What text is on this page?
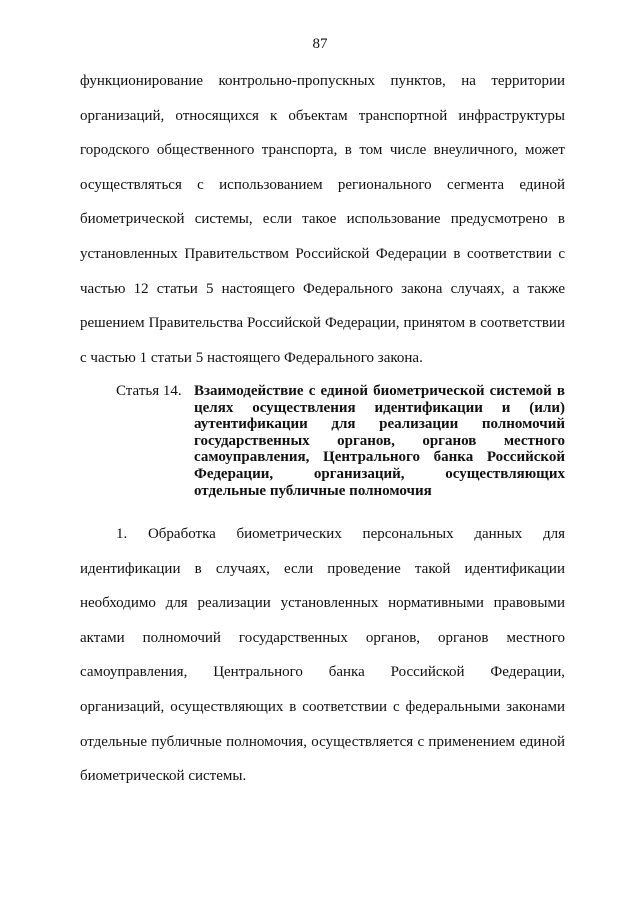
87
функционирование контрольно-пропускных пунктов, на территории
организаций, относящихся к объектам транспортной инфраструктуры
городского общественного транспорта, в том числе внеуличного, может
осуществляться с использованием регионального сегмента единой
биометрической системы, если такое использование предусмотрено в
установленных Правительством Российской Федерации в соответствии с
частью 12 статьи 5 настоящего Федерального закона случаях, а также
решением Правительства Российской Федерации, принятом в соответствии
с частью 1 статьи 5 настоящего Федерального закона.
Статья 14. Взаимодействие с единой биометрической системой в
целях осуществления идентификации и (или)
аутентификации для реализации полномочий
государственных органов, органов местного
самоуправления, Центрального банка Российской
Федерации, организаций, осуществляющих
отдельные публичные полномочия
1. Обработка биометрических персональных данных для
идентификации в случаях, если проведение такой идентификации
необходимо для реализации установленных нормативными правовыми
актами полномочий государственных органов, органов местного
самоуправления, Центрального банка Российской Федерации,
организаций, осуществляющих в соответствии с федеральными законами
отдельные публичные полномочия, осуществляется с применением единой
биометрической системы.
